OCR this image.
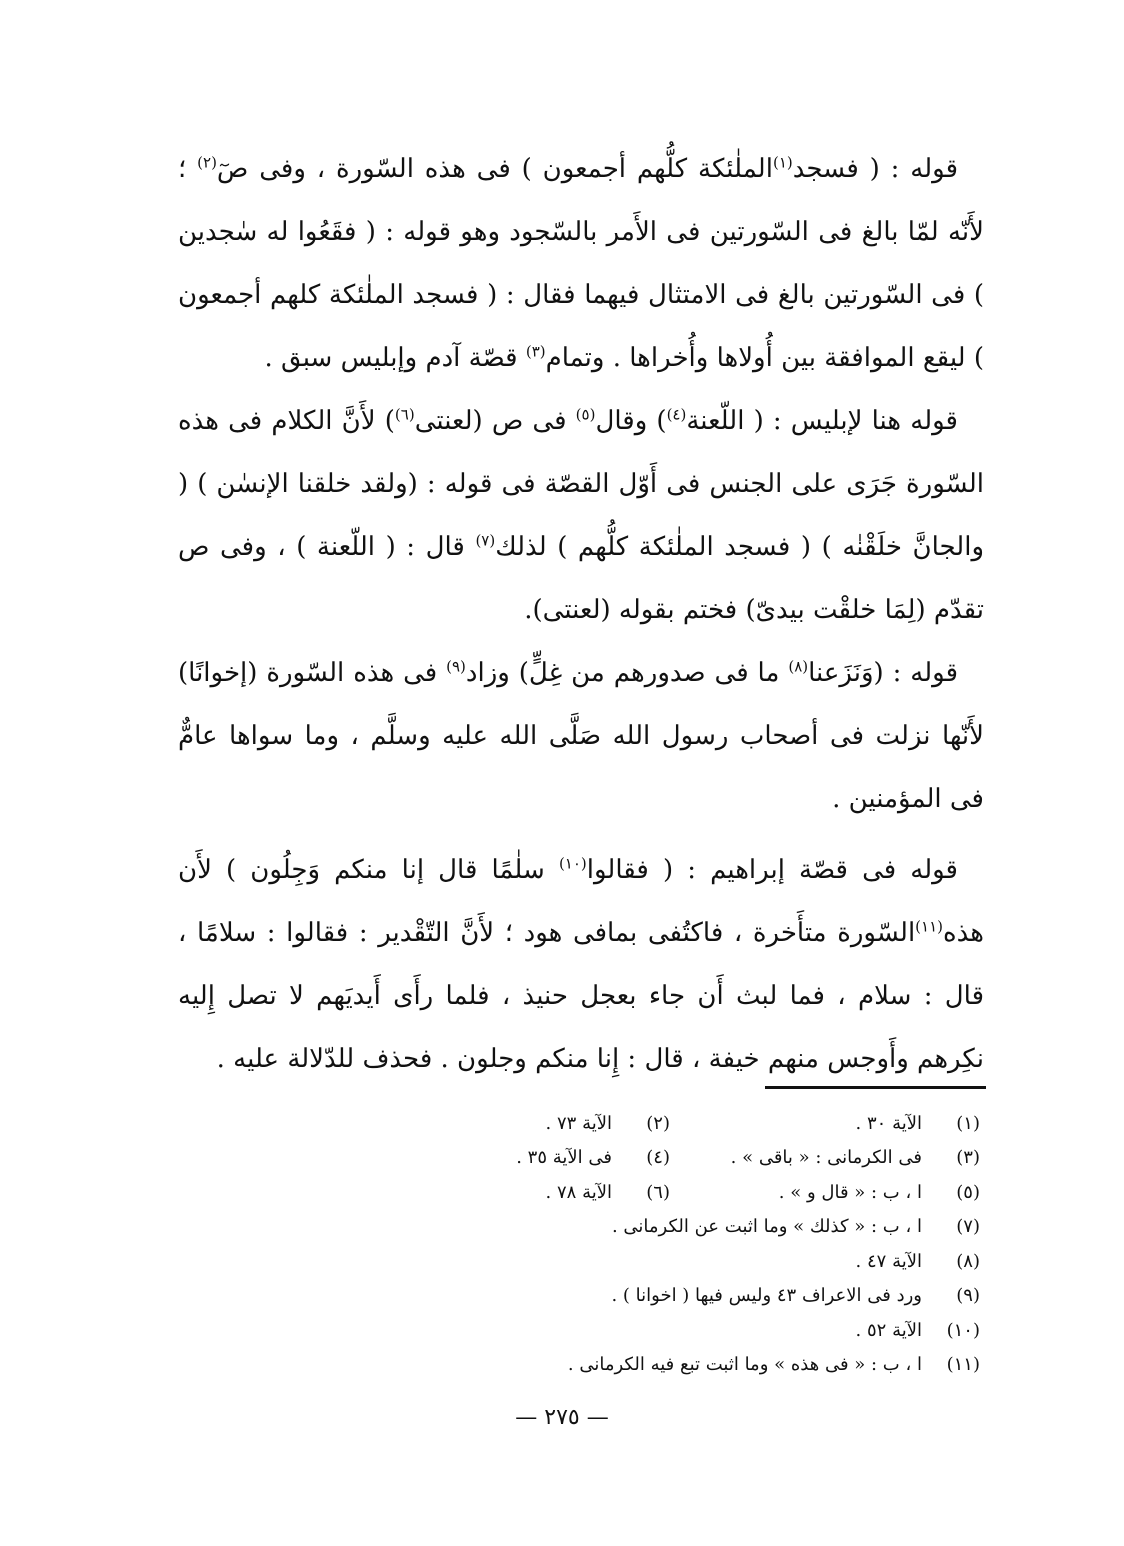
قوله : ( فسجد$^{(١)}$الملٰئكة كلُّهم أجمعون ) فى هذه السّورة ، وفى صٓ$^{(٢)}$ ؛ لأَنّه لمّا بالغ فى السّورتين فى الأَمر بالسّجود وهو قوله : ( فقَعُوا له سٰجدين ) فى السّورتين بالغ فى الامتثال فيهما فقال : ( فسجد الملٰئكة كلهم أجمعون ) ليقع الموافقة بين أُولاها وأُخراها . وتمام$^{(٣)}$ قصّة آدم وإبليس سبق .

قوله هنا لإبليس : ( اللّعنة$^{(٤)}$) وقال$^{(٥)}$ فى ص (لعنتى$^{(٦)}$) لأَنَّ الكلام فى هذه السّورة جَرَى على الجنس فى أَوّل القصّة فى قوله : (ولقد خلقنا الإنسٰن ) ( والجانَّ خلَقْنٰه ) ( فسجد الملٰئكة كلُّهم ) لذلك$^{(٧)}$ قال : ( اللّعنة ) ، وفى ص تقدّم (لِمَا خلقْت بيدىّ) فختم بقوله (لعنتى).

قوله : (وَنَزَعنا$^{(٨)}$ ما فى صدورهم من غِلٍّ) وزاد$^{(٩)}$ فى هذه السّورة (إخوانًا) لأَنّها نزلت فى أصحاب رسول الله صَلَّى الله عليه وسلَّم ، وما سواها عامٌّ فى المؤمنين .

قوله فى قصّة إبراهيم : ( فقالوا$^{(١٠)}$ سلٰمًا قال إنا منكم وَجِلُون ) لأَن هذه$^{(١١)}$السّورة متأَخرة ، فاكتُفى بمافى هود ؛ لأَنَّ التّقْدير : فقالوا : سلامًا ، قال : سلام ، فما لبث أَن جاء بعجل حنيذ ، فلما رأَى أَيديَهم لا تصل إِليه نكِرهم وأَوجس منهم خيفة ، قال : إِنا منكم وجلون . فحذف للدّلالة عليه .

(١)
الآية ٣٠ .
(٢)
الآية ٧٣ .
(٣)
فى الكرمانى : « باقى » .
(٤)
فى الآية ٣٥ .
(٥)
ا ، ب : « قال و » .
(٦)
الآية ٧٨ .
(٧)
ا ، ب : « كذلك » وما اثبت عن الكرمانى .
(٨)
الآية ٤٧ .
(٩)
ورد فى الاعراف ٤٣ وليس فيها ( اخوانا ) .
(١٠)
الآية ٥٢ .
(١١)
ا ، ب : « فى هذه » وما اثبت تبع فيه الكرمانى .
— ٢٧٥ —
